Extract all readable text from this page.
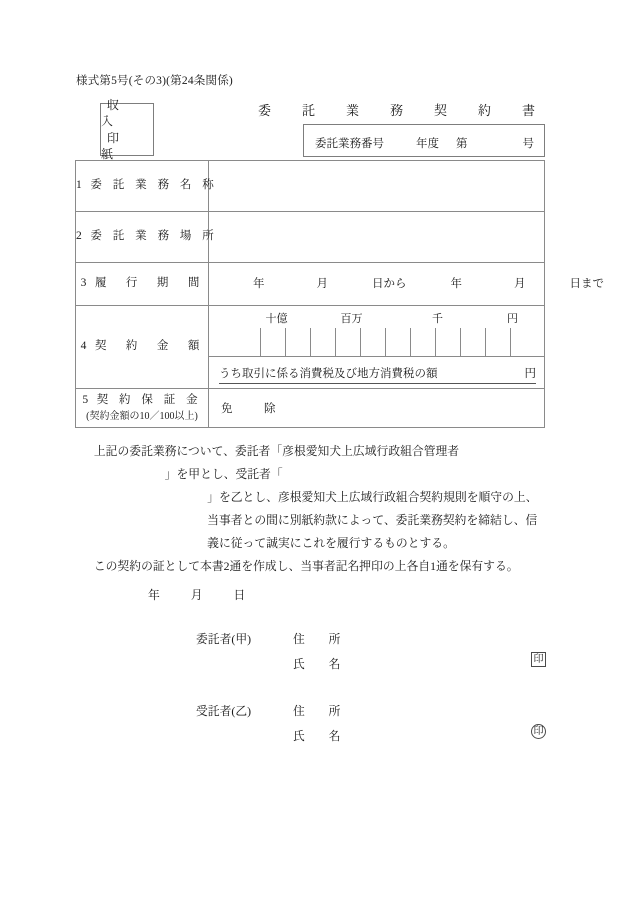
様式第5号(その3)(第24条関係)
収　入
印　紙
委　託　業　務　契　約　書
委託業務番号	年度 第	号
1 委 託 業 務 名 称	
2 委 託 業 務 場 所	
3 履　行　期　間	年	月	日から	年	月	日まで

4 契　約　金　額	
十億	百万	千	円
うち取引に係る消費税及び地方消費税の額	円

5 契 約 保 証 金
(契約金額の10／100以上)	免　除

上記の委託業務について、委託者「彦根愛知犬上広域行政組合管理者
」を甲とし、受託者「
」を乙とし、彦根愛知犬上広域行政組合契約規則を順守の上、当事者との間に別紙約款によって、委託業務契約を締結し、信義に従って誠実にこれを履行するものとする。

この契約の証として本書2通を作成し、当事者記名押印の上各自1通を保有する。

年	月	日
委託者(甲)	住　所
氏　名	印
受託者(乙)	住　所
氏　名	印
